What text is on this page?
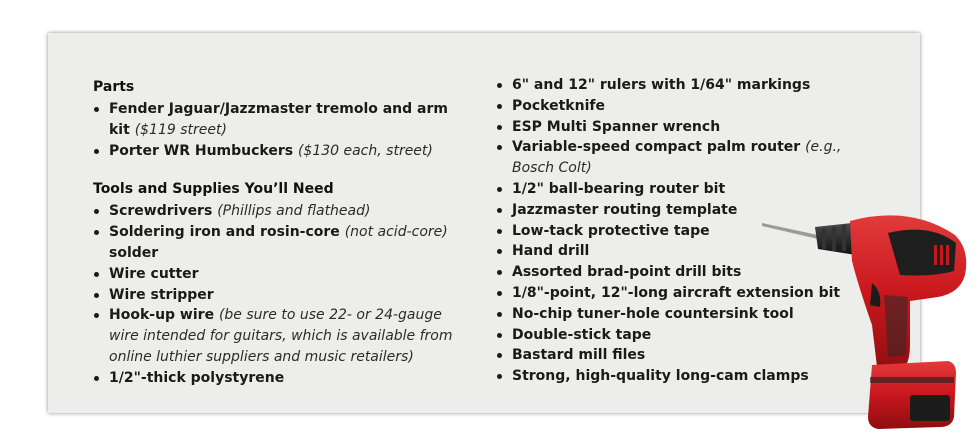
Parts
Fender Jaguar/Jazzmaster tremolo and arm kit ($119 street)
Porter WR Humbuckers ($130 each, street)
Tools and Supplies You’ll Need
Screwdrivers (Phillips and flathead)
Soldering iron and rosin-core (not acid-core) solder
Wire cutter
Wire stripper
Hook-up wire (be sure to use 22- or 24-gauge wire intended for guitars, which is available from online luthier suppliers and music retailers)
1/2"-thick polystyrene
6" and 12" rulers with 1/64" markings
Pocketknife
ESP Multi Spanner wrench
Variable-speed compact palm router (e.g., Bosch Colt)
1/2" ball-bearing router bit
Jazzmaster routing template
Low-tack protective tape
Hand drill
Assorted brad-point drill bits
1/8"-point, 12"-long aircraft extension bit
No-chip tuner-hole countersink tool
Double-stick tape
Bastard mill files
Strong, high-quality long-cam clamps
